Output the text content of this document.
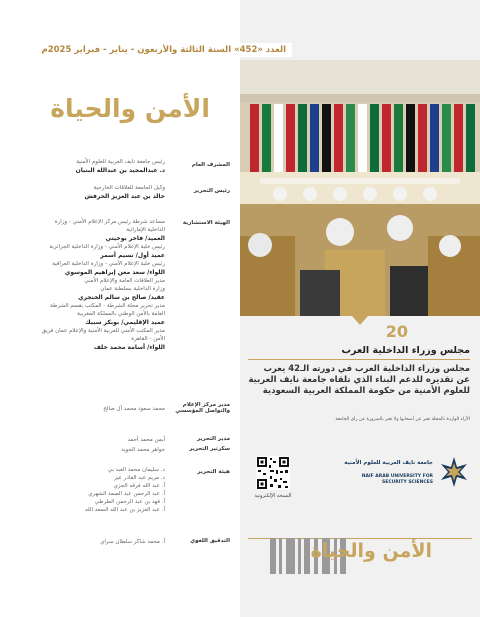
العدد «452» السنة الثالثة والأربعون - يناير - فبراير 2025م
الأمن والحياة
المشرف العام
رئيس جامعة نايف العربية للعلوم الأمنية
د. عبدالمجيد بن عبدالله البنيان
رئيس التحرير
وكيل الجامعة للعلاقات الخارجية
خالد بن عبد العزيز الحرفش
الهيئة الاستشارية
مساعد شرطة رئيس مركز الإعلام الأمني - وزارة
الداخلية الإماراتية
العميد/ فاخر بوخيتي
رئيس خلية الإعلام الأمني - وزارة الداخلية الجزائرية
عميد أول/ نسيم أسمر
رئيس خلية الإعلام الأمني - وزارة الداخلية العراقية
اللواء/ سعد معن إبراهيم الموسوي
مدير العلاقات العامة والإعلام الأمني
وزارة الداخلية بسلطنة عمان
عقيد/ صالح بن سالم الخنجري
مدير تحرير مجلة الشرطة - المكتب بقسم الشرطة
العامة بالأمن الوطني بالمملكة المغربية
عميد الإقليمي/ بوبكر سبيك
مدير المكتب الأمني للعربية الأمنية والإعلام عمان فريق
الأمن - القاهرة
اللواء/ أسامة محمد خلف
مدير مركز الإعلام والتواصل المؤسسي
محمد سعود محمد آل صالح
مدير التحرير
أيمن محمد أحمد
سكرتير التحرير
جواهر محمد الجويد
هيئة التحرير
د. سليمان محمد العبد بي
د. مريم عبد القادر عيز
أ. عبد الله فرقه الجزي
أ. عبد الرحمن عبد الصمد الشهري
أ. فهد بن عبد الرحمن الطرطي
أ. عبد العزيز بن عبد الله السعد الله
التدقيق اللغوي
أ. محمد شاكر سلطان سراي
20
مجلس وزراء الداخلية العرب
مجلس وزراء الداخلية العرب في دورته الـ42 يعرب عن تقديره للدعم البناء الذي تلقاه جامعة نايف العربية للعلوم الأمنية من حكومة المملكة العربية السعودية
الآراء الواردة بالمجلة تعبر عن أصحابها ولا تعبر بالضرورة عن رأي الجامعة
النسخة الإلكترونية
جامعة نايف العربية للعلوم الأمنية
NAIF ARAB UNIVERSITY FOR SECURITY SCIENCES
الأمن والحياة
